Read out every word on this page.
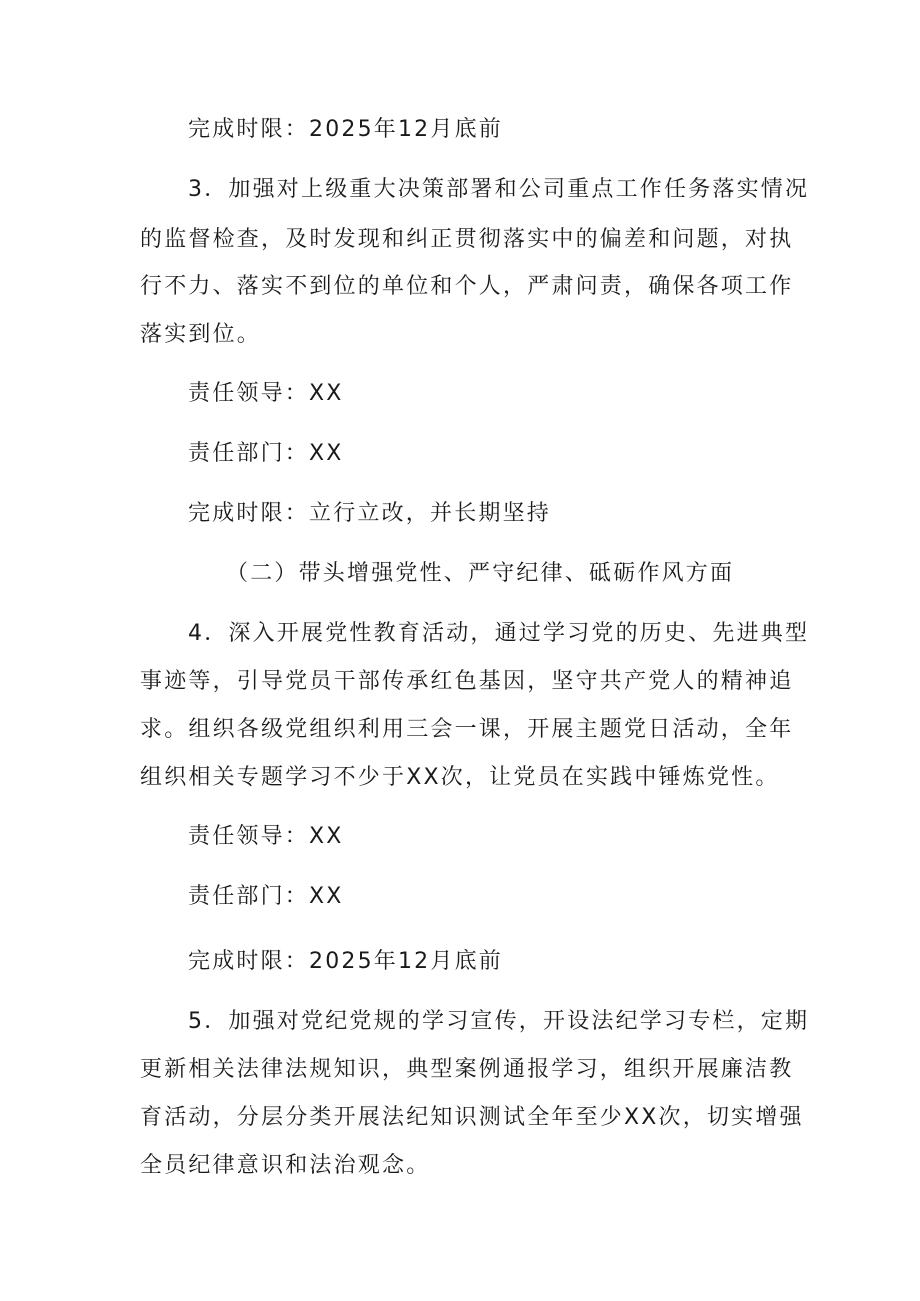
完成时限：2025年12月底前
3．加强对上级重大决策部署和公司重点工作任务落实情况
的监督检查，及时发现和纠正贯彻落实中的偏差和问题，对执
行不力、落实不到位的单位和个人，严肃问责，确保各项工作
落实到位。
责任领导：XX
责任部门：XX
完成时限：立行立改，并长期坚持
（二）带头增强党性、严守纪律、砥砺作风方面
4．深入开展党性教育活动，通过学习党的历史、先进典型
事迹等，引导党员干部传承红色基因，坚守共产党人的精神追
求。组织各级党组织利用三会一课，开展主题党日活动，全年
组织相关专题学习不少于XX次，让党员在实践中锤炼党性。
责任领导：XX
责任部门：XX
完成时限：2025年12月底前
5．加强对党纪党规的学习宣传，开设法纪学习专栏，定期
更新相关法律法规知识，典型案例通报学习，组织开展廉洁教
育活动，分层分类开展法纪知识测试全年至少XX次，切实增强
全员纪律意识和法治观念。
